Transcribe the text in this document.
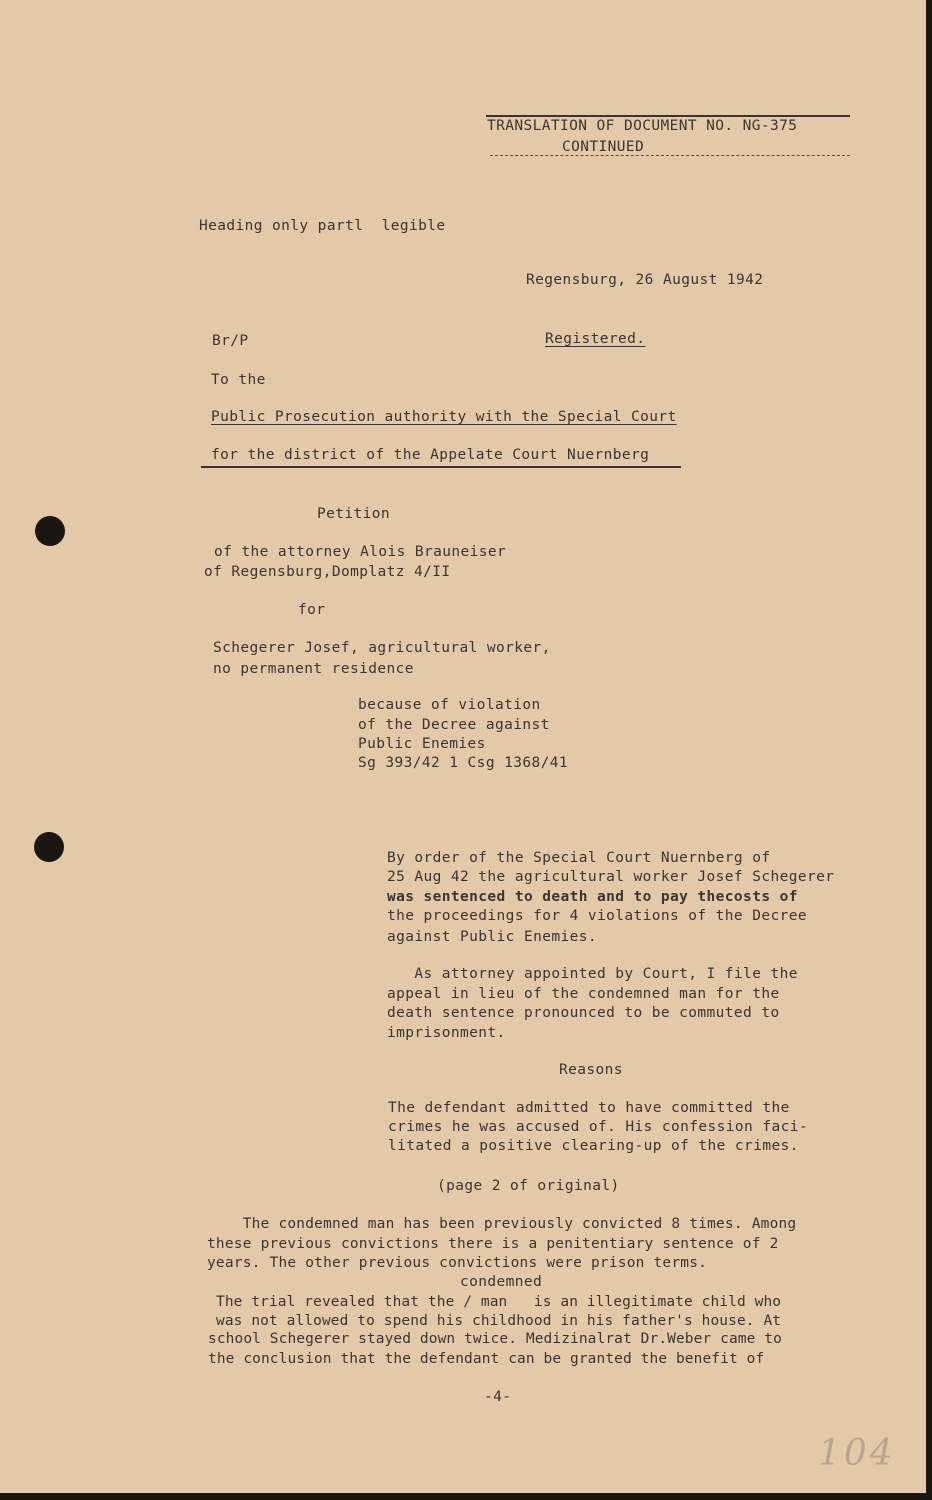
TRANSLATION OF DOCUMENT NO. NG-375
CONTINUED
Heading only partl  legible
Regensburg, 26 August 1942
Br/P	Registered.
To the
Public Prosecution authority with the Special Court
for the district of the Appelate Court Nuernberg
Petition
of the attorney Alois Brauneiser
of Regensburg,Domplatz 4/II
for
Schegerer Josef, agricultural worker,
no permanent residence
because of violation
of the Decree against
Public Enemies
Sg 393/42 1 Csg 1368/41
By order of the Special Court Nuernberg of
25 Aug 42 the agricultural worker Josef Schegerer
was sentenced to death and to pay thecosts of
the proceedings for 4 violations of the Decree
against Public Enemies.
As attorney appointed by Court, I file the
appeal in lieu of the condemned man for the
death sentence pronounced to be commuted to
imprisonment.
Reasons
The defendant admitted to have committed the
crimes he was accused of. His confession faci-
litated a positive clearing-up of the crimes.
(page 2 of original)
The condemned man has been previously convicted 8 times. Among
these previous convictions there is a penitentiary sentence of 2
years. The other previous convictions were prison terms.
condemned
The trial revealed that the / man   is an illegitimate child who
was not allowed to spend his childhood in his father's house. At
school Schegerer stayed down twice. Medizinalrat Dr.Weber came to
the conclusion that the defendant can be granted the benefit of
-4-
104
